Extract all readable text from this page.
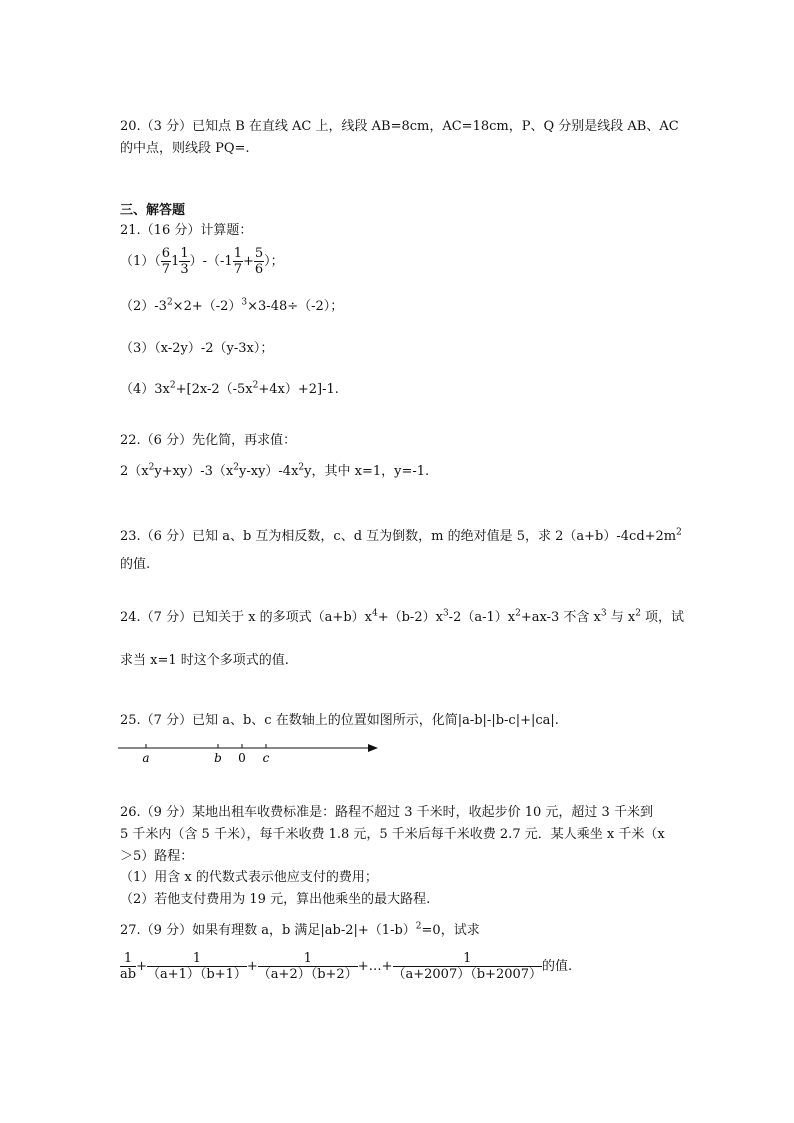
20.（3 分）已知点 B 在直线 AC 上，线段 AB=8cm，AC=18cm，P、Q 分别是线段 AB、AC
的中点，则线段 PQ=.
三、解答题
21.（16 分）计算题：
$(1)( \frac{6}{7} 1 \frac{1}{3} )-(-1 \frac{1}{7} + \frac{5}{6}$ ）；
$(2)-3^2\times 2+(-2)^3\times 3-48\div(-2)$；
（3）（x-2y）-2（y-3x）；
$(4)3x^2+[2x-2(-5x^2+4x)+2]-1$.
22.（6 分）先化简，再求值：
$2(x^2y+xy)-3(x^2y-xy)-4x^2y$，其中 x=1，y=-1.
23.（6 分）已知 a、b 互为相反数，c、d 互为倒数，m 的绝对值是 5，求 $2(a+b)-4cd+2m^2$
的值.
24.（7 分）已知关于 x 的多项式$(a+b)x^4+(b-2)x^3-2(a-1)x^2+ax-3$ 不含 $x^3$ 与 $x^2$ 项，试
求当 x=1 时这个多项式的值.
25.（7 分）已知 a、b、c 在数轴上的位置如图所示，化简|a-b|-|b-c|+|ca|.
a	b 0 c
26.（9 分）某地出租车收费标准是：路程不超过 3 千米时，收起步价 10 元，超过 3 千米到
5 千米内（含 5 千米），每千米收费 1.8 元，5 千米后每千米收费 2.7 元．某人乘坐 x 千米（x
＞5）路程：
（1）用含 x 的代数式表示他应支付的费用；
（2）若他支付费用为 19 元，算出他乘坐的最大路程.
27.（9 分）如果有理数 a，b 满足$|ab-2|+(1-b)^2=0$，试求
$\frac{1}{ab} + \frac{1}{(a+1)(b+1)} + \frac{1}{(a+2)(b+2)}$ +…+ $\frac{1}{(a+2007)(b+2007)}$ 的值.
